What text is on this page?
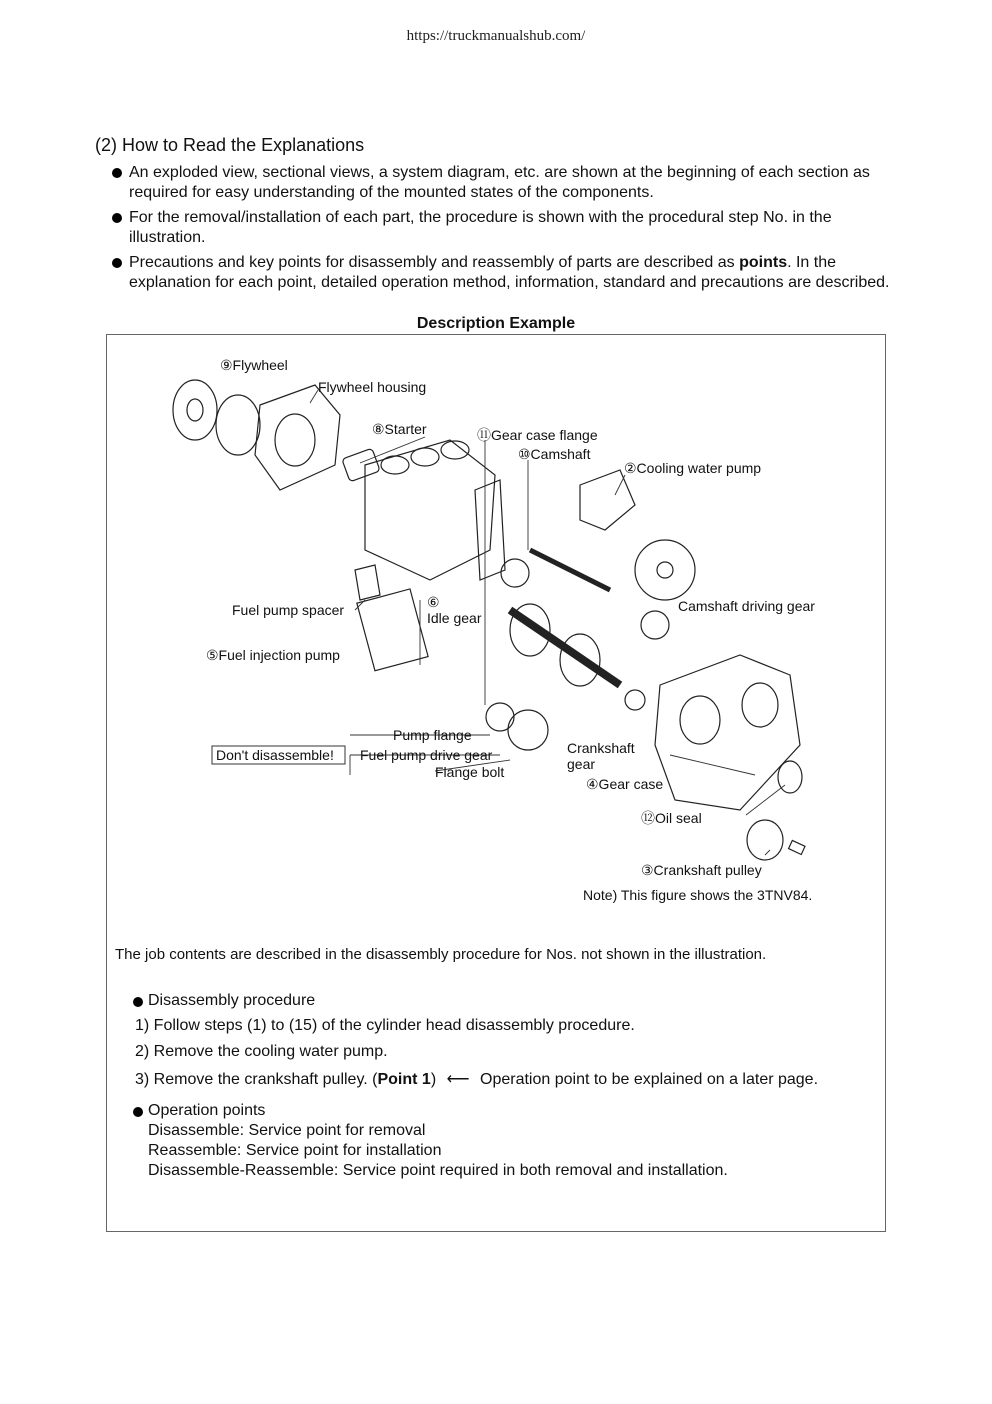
https://truckmanualshub.com/
(2) How to Read the Explanations
An exploded view, sectional views, a system diagram, etc. are shown at the beginning of each section as required for easy understanding of the mounted states of the components.
For the removal/installation of each part, the procedure is shown with the procedural step No. in the illustration.
Precautions and key points for disassembly and reassembly of parts are described as points. In the explanation for each point, detailed operation method, information, standard and precautions are described.
Description Example
⑨Flywheel
Flywheel housing
⑧Starter	⑪Gear case flange
⑩Camshaft
②Cooling water pump
Fuel pump spacer	⑥
Idle gear
Camshaft driving gear
⑤Fuel injection pump
Pump flange
Don't disassemble! Fuel pump drive gear
Flange bolt
Crankshaft
gear
④Gear case
⑫Oil seal
③Crankshaft pulley
Note) This figure shows the 3TNV84.
The job contents are described in the disassembly procedure for Nos. not shown in the illustration.
Disassembly procedure
1) Follow steps (1) to (15) of the cylinder head disassembly procedure.
2) Remove the cooling water pump.
3) Remove the crankshaft pulley. (Point 1) ⟵ Operation point to be explained on a later page.
Operation points
Disassemble: Service point for removal
Reassemble: Service point for installation
Disassemble-Reassemble: Service point required in both removal and installation.
